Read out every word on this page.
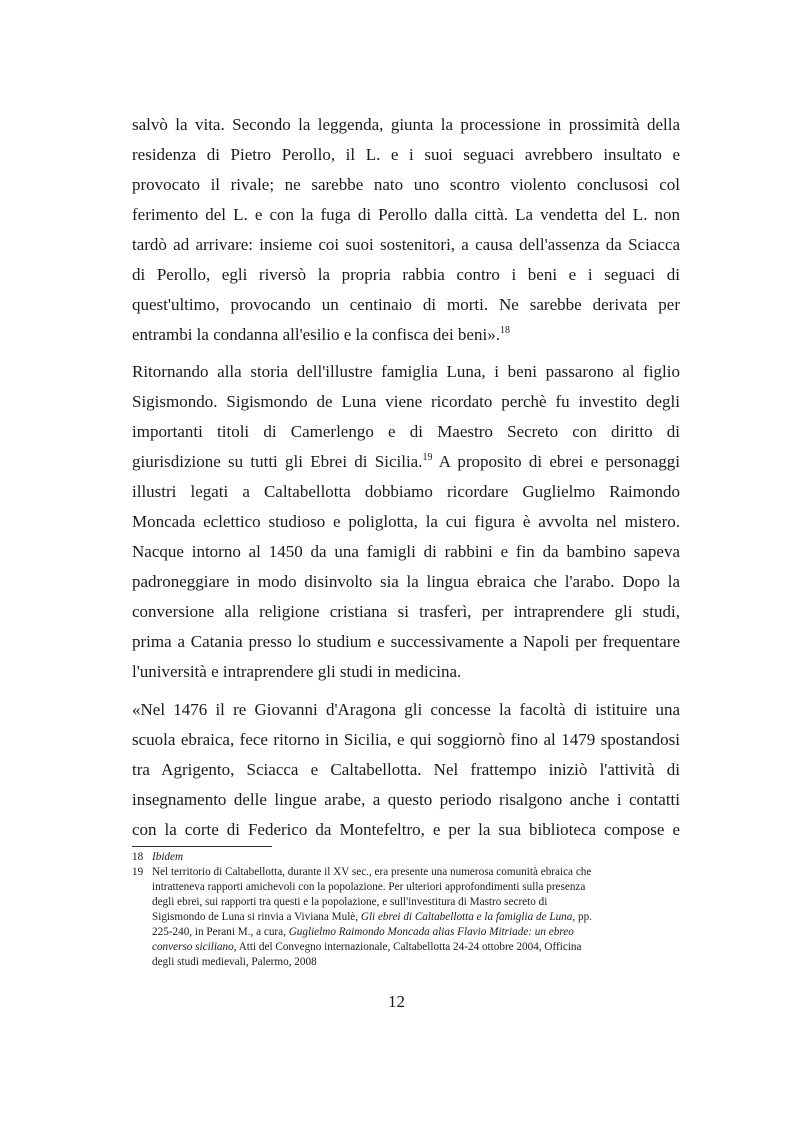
salvò la vita. Secondo la leggenda, giunta la processione in prossimità della
residenza di Pietro Perollo, il L. e i suoi seguaci avrebbero insultato e
provocato il rivale; ne sarebbe nato uno scontro violento conclusosi col
ferimento del L. e con la fuga di Perollo dalla città. La vendetta del L. non
tardò ad arrivare: insieme coi suoi sostenitori, a causa dell'assenza da Sciacca
di Perollo, egli riversò la propria rabbia contro i beni e i seguaci di
quest'ultimo, provocando un centinaio di morti. Ne sarebbe derivata per
entrambi la condanna all'esilio e la confisca dei beni».$^{18}$
Ritornando alla storia dell'illustre famiglia Luna, i beni passarono al figlio
Sigismondo. Sigismondo de Luna viene ricordato perchè fu investito degli
importanti titoli di Camerlengo e di Maestro Secreto con diritto di
giurisdizione su tutti gli Ebrei di Sicilia.$^{19}$ A proposito di ebrei e personaggi
illustri legati a Caltabellotta dobbiamo ricordare Guglielmo Raimondo
Moncada eclettico studioso e poliglotta, la cui figura è avvolta nel mistero.
Nacque intorno al 1450 da una famigli di rabbini e fin da bambino sapeva
padroneggiare in modo disinvolto sia la lingua ebraica che l'arabo. Dopo la
conversione alla religione cristiana si trasferì, per intraprendere gli studi,
prima a Catania presso lo studium e successivamente a Napoli per frequentare
l'università e intraprendere gli studi in medicina.
«Nel 1476 il re Giovanni d'Aragona gli concesse la facoltà di istituire una
scuola ebraica, fece ritorno in Sicilia, e qui soggiornò fino al 1479 spostandosi
tra Agrigento, Sciacca e Caltabellotta. Nel frattempo iniziò l'attività di
insegnamento delle lingue arabe, a questo periodo risalgono anche i contatti
con la corte di Federico da Montefeltro, e per la sua biblioteca compose e
18 Ibidem
19 Nel territorio di Caltabellotta, durante il XV sec., era presente una numerosa comunità ebraica che
intratteneva rapporti amichevoli con la popolazione. Per ulteriori approfondimenti sulla presenza
degli ebrei, sui rapporti tra questi e la popolazione, e sull'investitura di Mastro secreto di
Sigismondo de Luna si rinvia a Viviana Mulè, Gli ebrei di Caltabellotta e la famiglia de Luna, pp.
225-240, in Perani M., a cura, Guglielmo Raimondo Moncada alias Flavio Mitriade: un ebreo
converso siciliano, Atti del Convegno internazionale, Caltabellotta 24-24 ottobre 2004, Officina
degli studi medievali, Palermo, 2008
12
